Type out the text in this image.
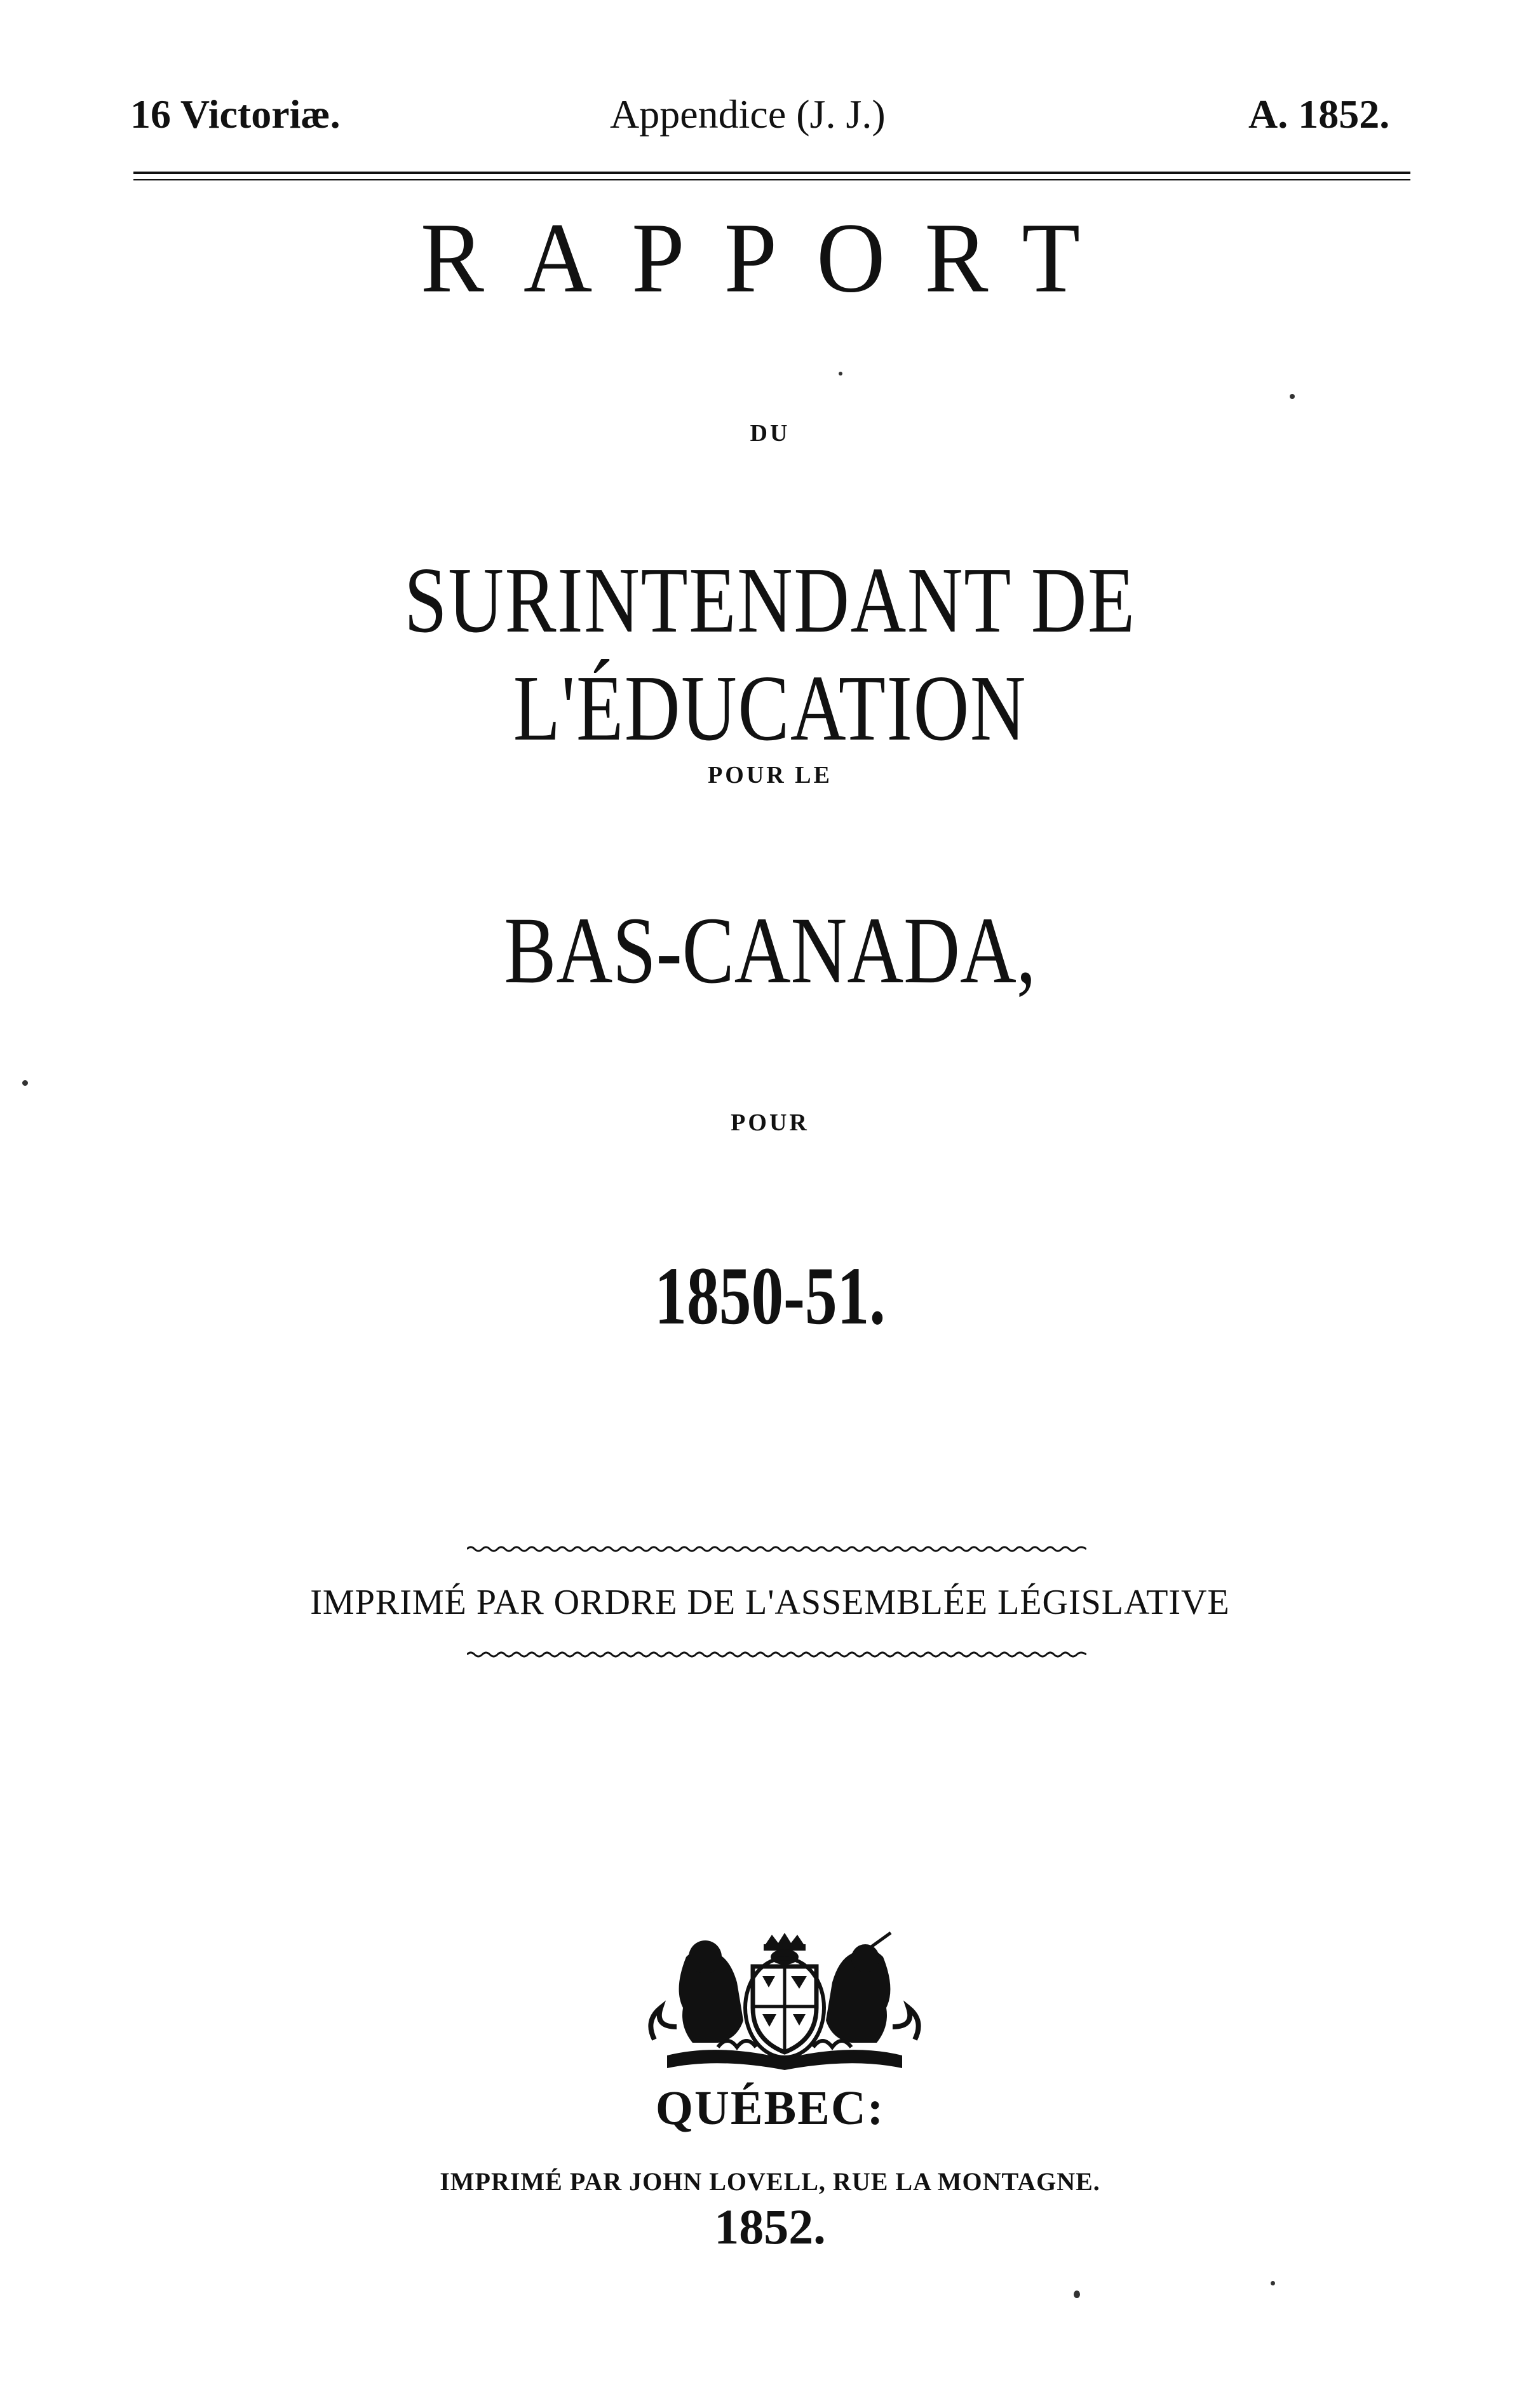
16 Victoriæ.	Appendice (J. J.)	A. 1852.
RAPPORT
DU
SURINTENDANT DE L'ÉDUCATION
POUR LE
BAS-CANADA,
POUR
1850-51.
IMPRIMÉ PAR ORDRE DE L'ASSEMBLÉE LÉGISLATIVE
QUÉBEC:
IMPRIMÉ PAR JOHN LOVELL, RUE LA MONTAGNE.
1852.
